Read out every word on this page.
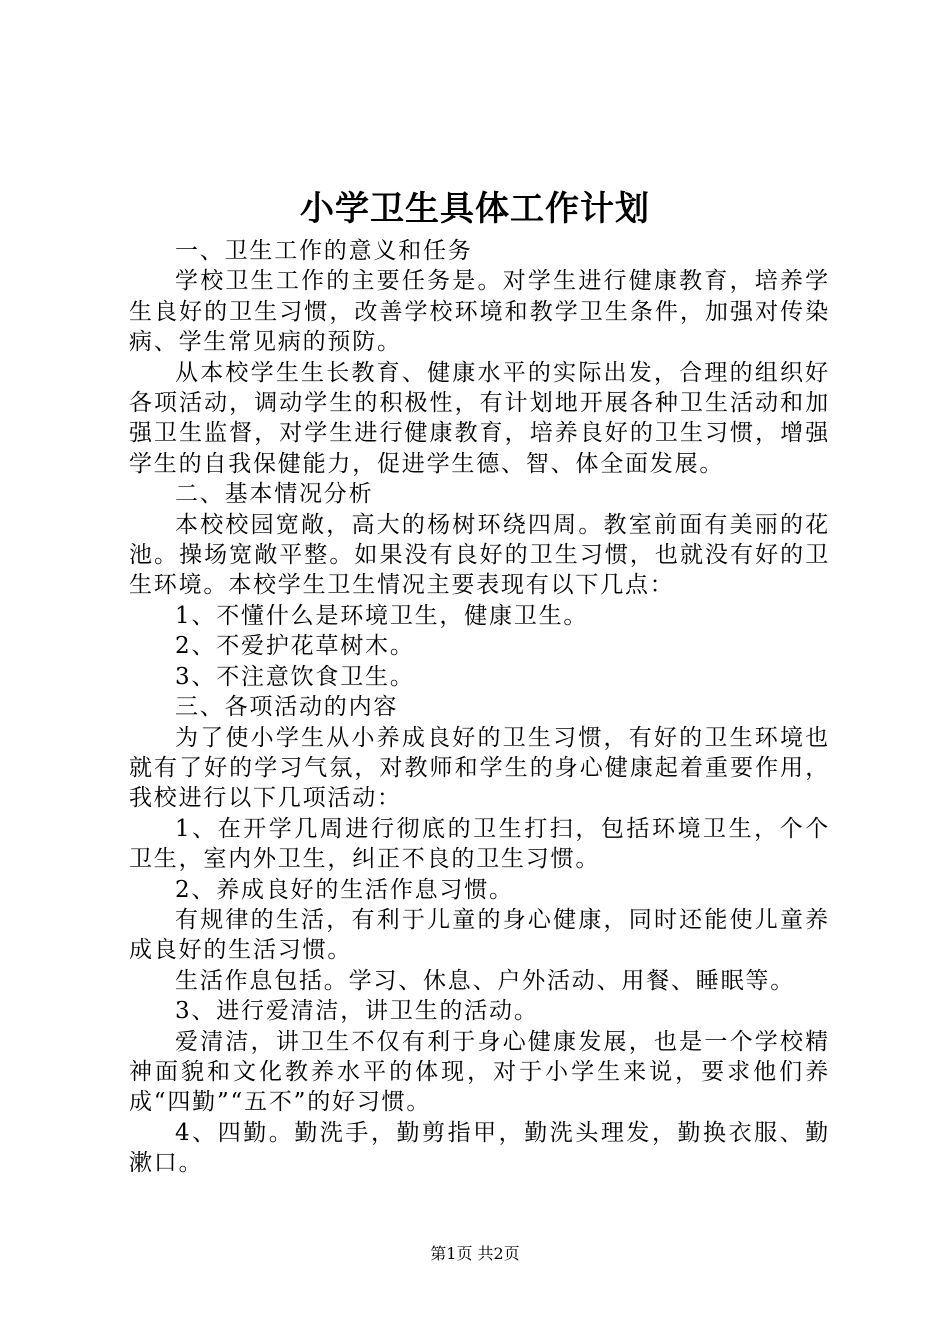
小学卫生具体工作计划

一、卫生工作的意义和任务

学校卫生工作的主要任务是。对学生进行健康教育，培养学生良好的卫生习惯，改善学校环境和教学卫生条件，加强对传染病、学生常见病的预防。

从本校学生生长教育、健康水平的实际出发，合理的组织好各项活动，调动学生的积极性，有计划地开展各种卫生活动和加强卫生监督，对学生进行健康教育，培养良好的卫生习惯，增强学生的自我保健能力，促进学生德、智、体全面发展。

二、基本情况分析

本校校园宽敞，高大的杨树环绕四周。教室前面有美丽的花池。操场宽敞平整。如果没有良好的卫生习惯，也就没有好的卫生环境。本校学生卫生情况主要表现有以下几点：

1、不懂什么是环境卫生，健康卫生。

2、不爱护花草树木。

3、不注意饮食卫生。

三、各项活动的内容

为了使小学生从小养成良好的卫生习惯，有好的卫生环境也就有了好的学习气氛，对教师和学生的身心健康起着重要作用，我校进行以下几项活动：

1、在开学几周进行彻底的卫生打扫，包括环境卫生，个个卫生，室内外卫生，纠正不良的卫生习惯。

2、养成良好的生活作息习惯。

有规律的生活，有利于儿童的身心健康，同时还能使儿童养成良好的生活习惯。

生活作息包括。学习、休息、户外活动、用餐、睡眠等。

3、进行爱清洁，讲卫生的活动。

爱清洁，讲卫生不仅有利于身心健康发展，也是一个学校精神面貌和文化教养水平的体现，对于小学生来说，要求他们养成“四勤”“五不”的好习惯。

4、四勤。勤洗手，勤剪指甲，勤洗头理发，勤换衣服、勤漱口。

第1页 共2页
